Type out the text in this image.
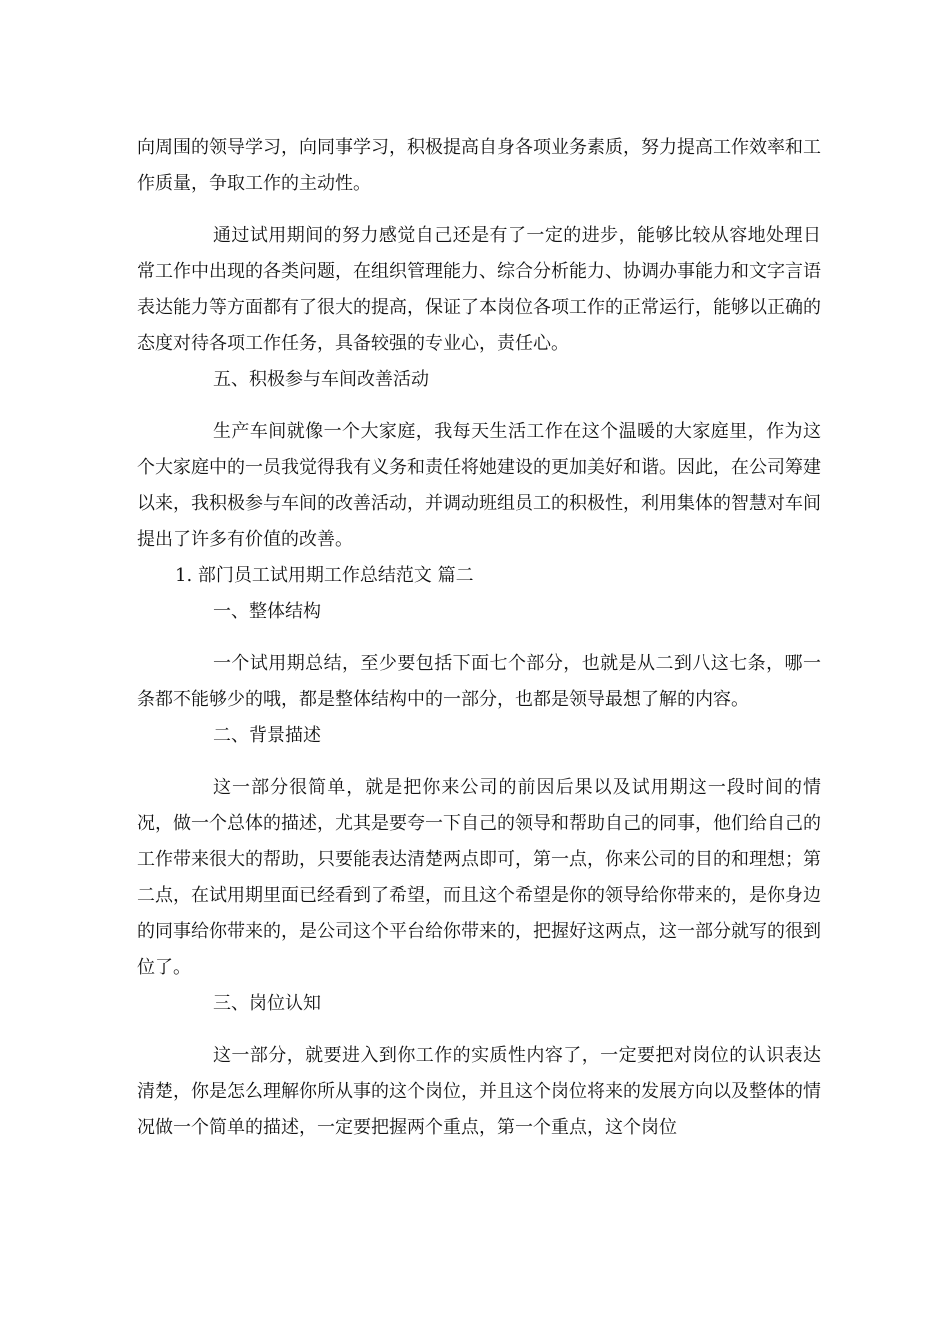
向周围的领导学习，向同事学习，积极提高自身各项业务素质，努力提高工作效率和工作质量，争取工作的主动性。

通过试用期间的努力感觉自己还是有了一定的进步，能够比较从容地处理日常工作中出现的各类问题，在组织管理能力、综合分析能力、协调办事能力和文字言语表达能力等方面都有了很大的提高，保证了本岗位各项工作的正常运行，能够以正确的态度对待各项工作任务，具备较强的专业心，责任心。

五、积极参与车间改善活动

生产车间就像一个大家庭，我每天生活工作在这个温暖的大家庭里，作为这个大家庭中的一员我觉得我有义务和责任将她建设的更加美好和谐。因此，在公司筹建以来，我积极参与车间的改善活动，并调动班组员工的积极性，利用集体的智慧对车间提出了许多有价值的改善。

1. 部门员工试用期工作总结范文 篇二

一、整体结构

一个试用期总结，至少要包括下面七个部分，也就是从二到八这七条，哪一条都不能够少的哦，都是整体结构中的一部分，也都是领导最想了解的内容。

二、背景描述

这一部分很简单，就是把你来公司的前因后果以及试用期这一段时间的情况，做一个总体的描述，尤其是要夸一下自己的领导和帮助自己的同事，他们给自己的工作带来很大的帮助，只要能表达清楚两点即可，第一点，你来公司的目的和理想；第二点，在试用期里面已经看到了希望，而且这个希望是你的领导给你带来的，是你身边的同事给你带来的，是公司这个平台给你带来的，把握好这两点，这一部分就写的很到位了。

三、岗位认知

这一部分，就要进入到你工作的实质性内容了，一定要把对岗位的认识表达清楚，你是怎么理解你所从事的这个岗位，并且这个岗位将来的发展方向以及整体的情况做一个简单的描述，一定要把握两个重点，第一个重点，这个岗位
